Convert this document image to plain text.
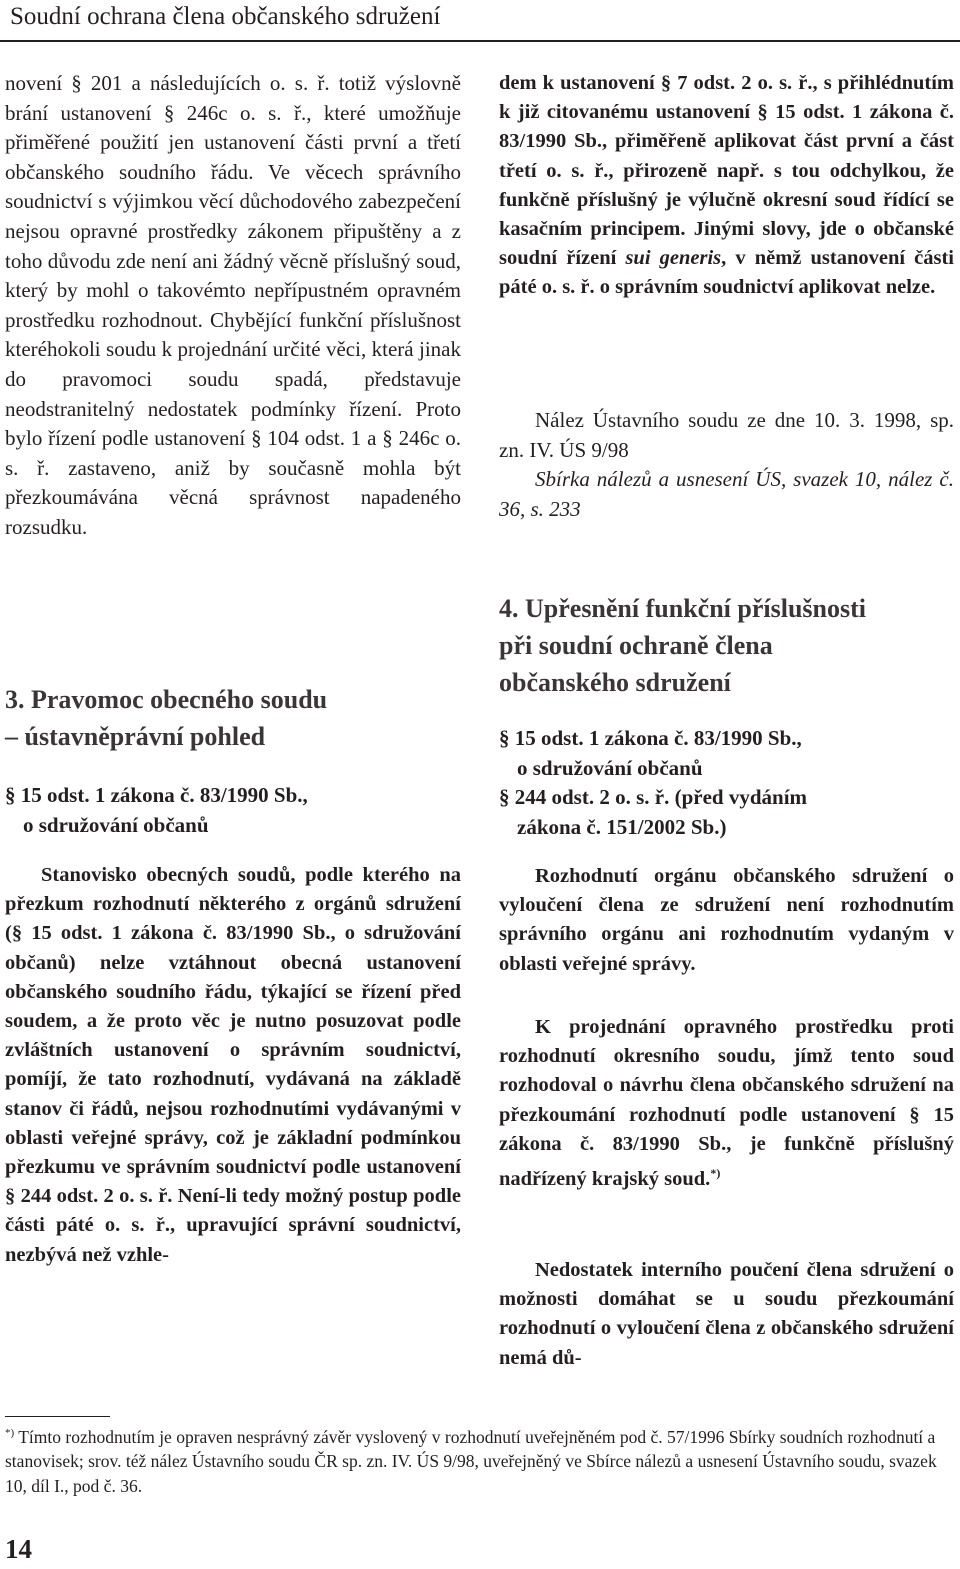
Soudní ochrana člena občanského sdružení

novení § 201 a následujících o. s. ř. totiž výslovně brání ustanovení § 246c o. s. ř., které umožňuje přiměřené použití jen ustanovení části první a třetí občanského soudního řádu. Ve věcech správního soudnictví s výjimkou věcí důchodového zabezpečení nejsou opravné prostředky zákonem připuštěny a z toho důvodu zde není ani žádný věcně příslušný soud, který by mohl o takovémto nepřípustném opravném prostředku rozhodnout. Chybějící funkční příslušnost kteréhokoli soudu k projednání určité věci, která jinak do pravomoci soudu spadá, představuje neodstranitelný nedostatek podmínky řízení. Proto bylo řízení podle ustanovení § 104 odst. 1 a § 246c o. s. ř. zastaveno, aniž by současně mohla být přezkoumávána věcná správnost napadeného rozsudku.

3. Pravomoc obecného soudu

– ústavněprávní pohled

§ 15 odst. 1 zákona č. 83/1990 Sb.,

o sdružování občanů

Stanovisko obecných soudů, podle kterého na přezkum rozhodnutí některého z orgánů sdružení (§ 15 odst. 1 zákona č. 83/1990 Sb., o sdružování občanů) nelze vztáhnout obecná ustanovení občanského soudního řádu, týkající se řízení před soudem, a že proto věc je nutno posuzovat podle zvláštních ustanovení o správním soudnictví, pomíjí, že tato rozhodnutí, vydávaná na základě stanov či řádů, nejsou rozhodnutími vydávanými v oblasti veřejné správy, což je základní podmínkou přezkumu ve správním soudnictví podle ustanovení § 244 odst. 2 o. s. ř. Není-li tedy možný postup podle části páté o. s. ř., upravující správní soudnictví, nezbývá než vzhle-

dem k ustanovení § 7 odst. 2 o. s. ř., s přihlédnutím k již citovanému ustanovení § 15 odst. 1 zákona č. 83/1990 Sb., přiměřeně aplikovat část první a část třetí o. s. ř., přirozeně např. s tou odchylkou, že funkčně příslušný je výlučně okresní soud řídící se kasačním principem. Jinými slovy, jde o občanské soudní řízení sui generis, v němž ustanovení části páté o. s. ř. o správním soudnictví aplikovat nelze.

Nález Ústavního soudu ze dne 10. 3. 1998, sp. zn. IV. ÚS 9/98

Sbírka nálezů a usnesení ÚS, svazek 10, nález č. 36, s. 233

4. Upřesnění funkční příslušnosti

při soudní ochraně člena

občanského sdružení

§ 15 odst. 1 zákona č. 83/1990 Sb.,

o sdružování občanů

§ 244 odst. 2 o. s. ř. (před vydáním

zákona č. 151/2002 Sb.)

Rozhodnutí orgánu občanského sdružení o vyloučení člena ze sdružení není rozhodnutím správního orgánu ani rozhodnutím vydaným v oblasti veřejné správy.

K projednání opravného prostředku proti rozhodnutí okresního soudu, jímž tento soud rozhodoval o návrhu člena občanského sdružení na přezkoumání rozhodnutí podle ustanovení § 15 zákona č. 83/1990 Sb., je funkčně příslušný nadřízený krajský soud.*)

Nedostatek interního poučení člena sdružení o možnosti domáhat se u soudu přezkoumání rozhodnutí o vyloučení člena z občanského sdružení nemá dů-

*) Tímto rozhodnutím je opraven nesprávný závěr vyslovený v rozhodnutí uveřejněném pod č. 57/1996 Sbírky soudních rozhodnutí a stanovisek; srov. též nález Ústavního soudu ČR sp. zn. IV. ÚS 9/98, uveřejněný ve Sbírce nálezů a usnesení Ústavního soudu, svazek 10, díl I., pod č. 36.
14
